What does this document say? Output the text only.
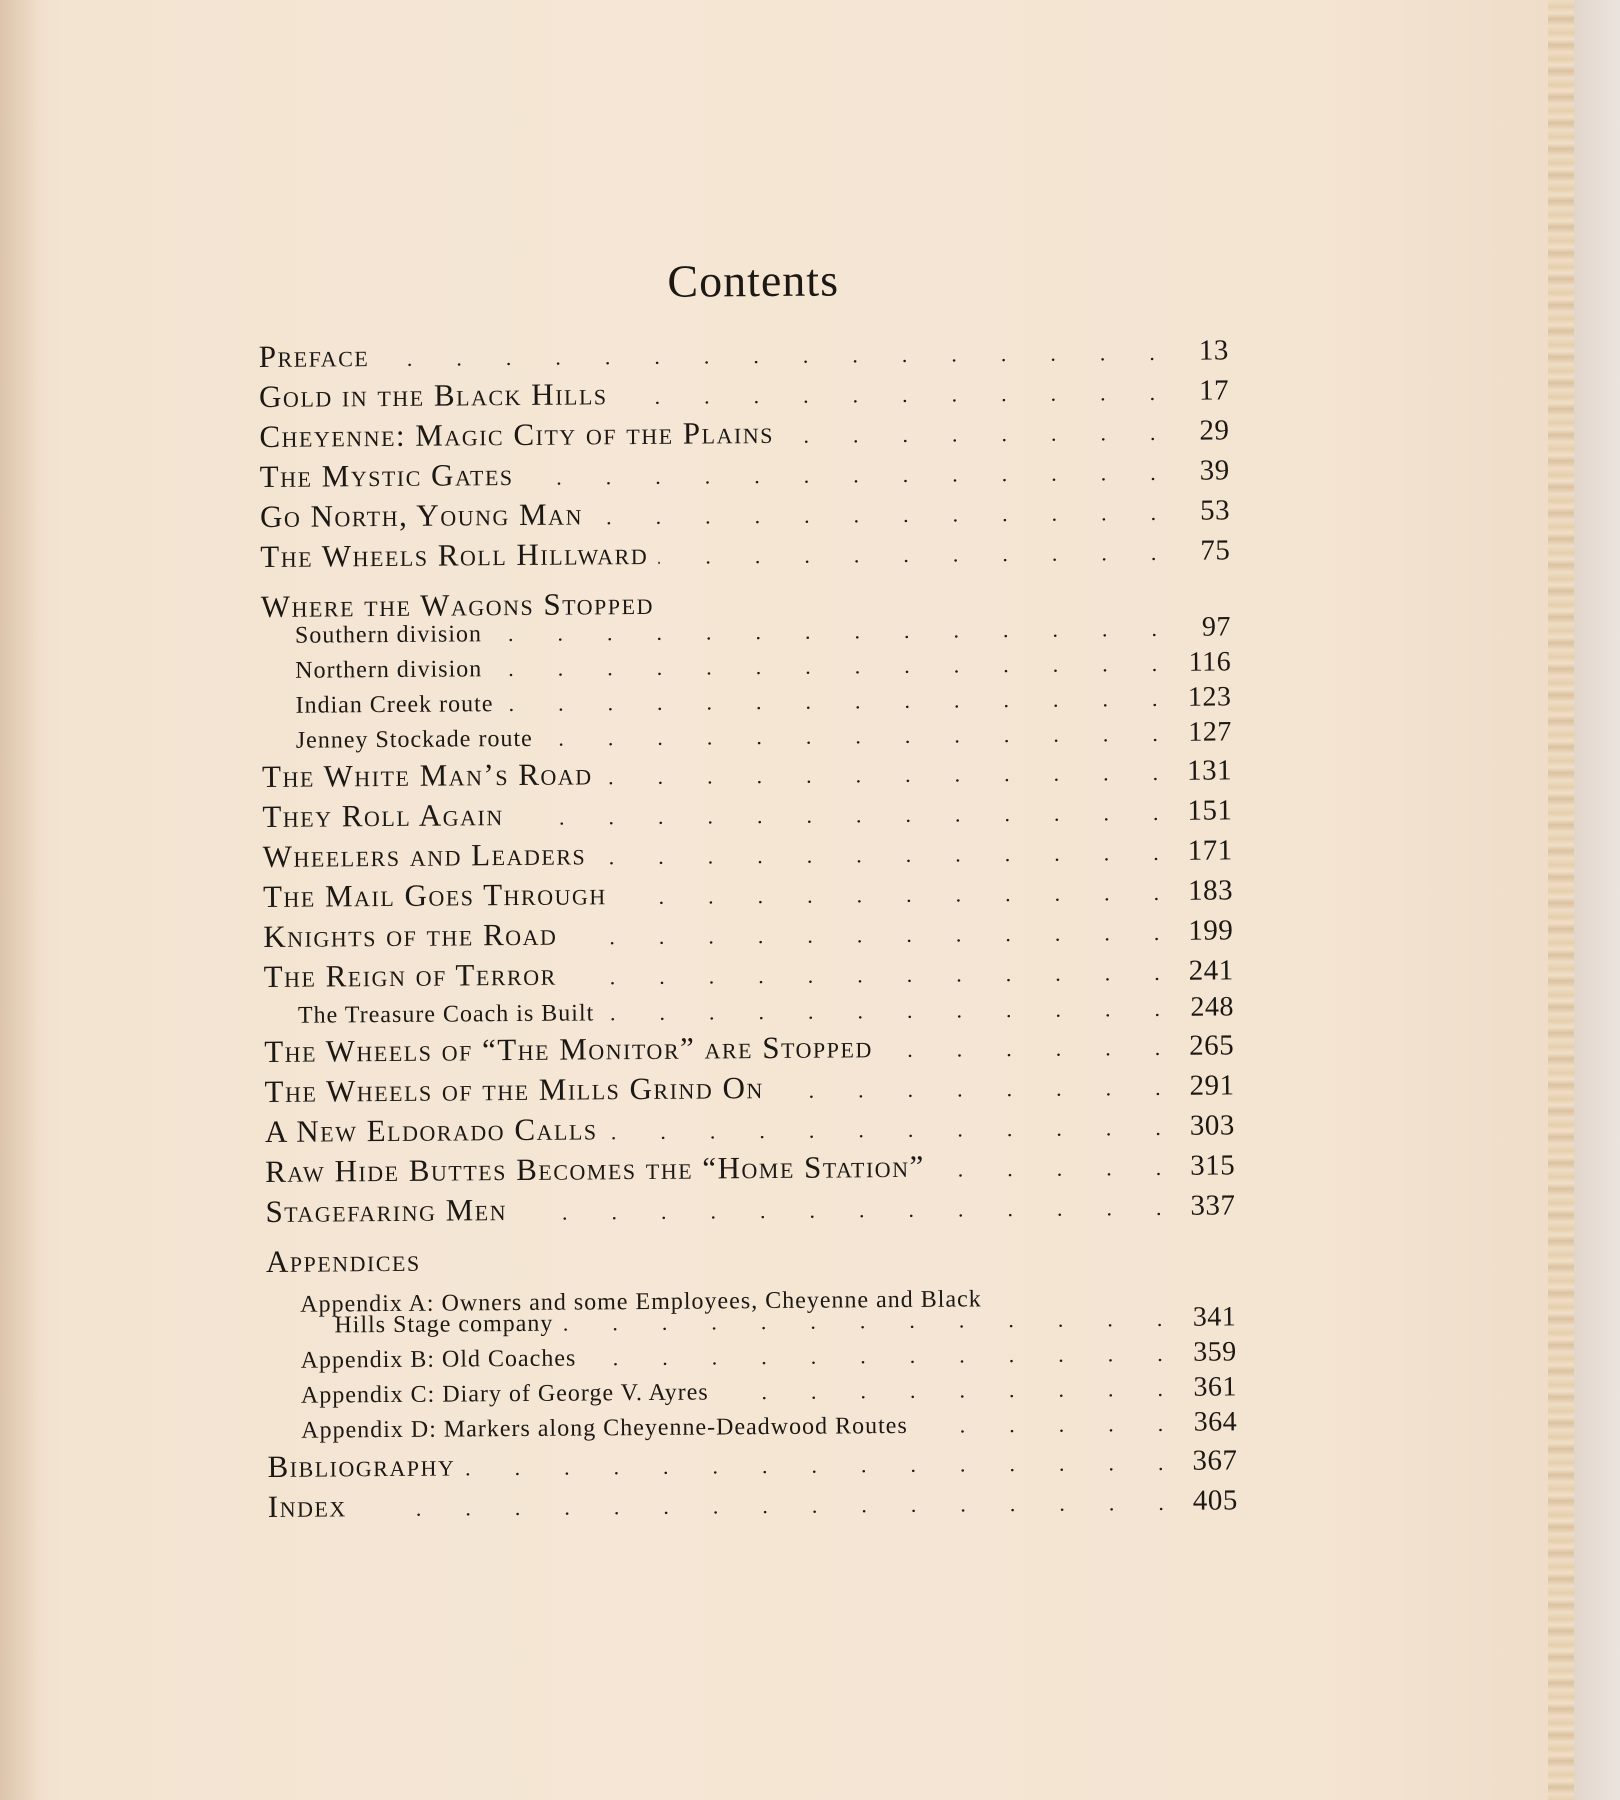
Contents
Preface .	13
Gold in the Black Hills .	17
Cheyenne: Magic City of the Plains .	29
The Mystic Gates .	39
Go North, Young Man .	53
The Wheels Roll Hillward .	75
Where the Wagons Stopped
Southern division .	97
Northern division .	116
Indian Creek route .	123
Jenney Stockade route .	127
The White Man’s Road .	131
They Roll Again .	151
Wheelers and Leaders .	171
The Mail Goes Through .	183
Knights of the Road .	199
The Reign of Terror .	241
The Treasure Coach is Built .	248
The Wheels of “The Monitor” are Stopped .	265
The Wheels of the Mills Grind On .	291
A New Eldorado Calls .	303
Raw Hide Buttes Becomes the “Home Station” .	315
Stagefaring Men .	337
Appendices
Appendix A: Owners and some Employees, Cheyenne and Black
Hills Stage company .	341
Appendix B: Old Coaches .	359
Appendix C: Diary of George V. Ayres .	361
Appendix D: Markers along Cheyenne-Deadwood Routes .	364
Bibliography .	367
Index .	405
